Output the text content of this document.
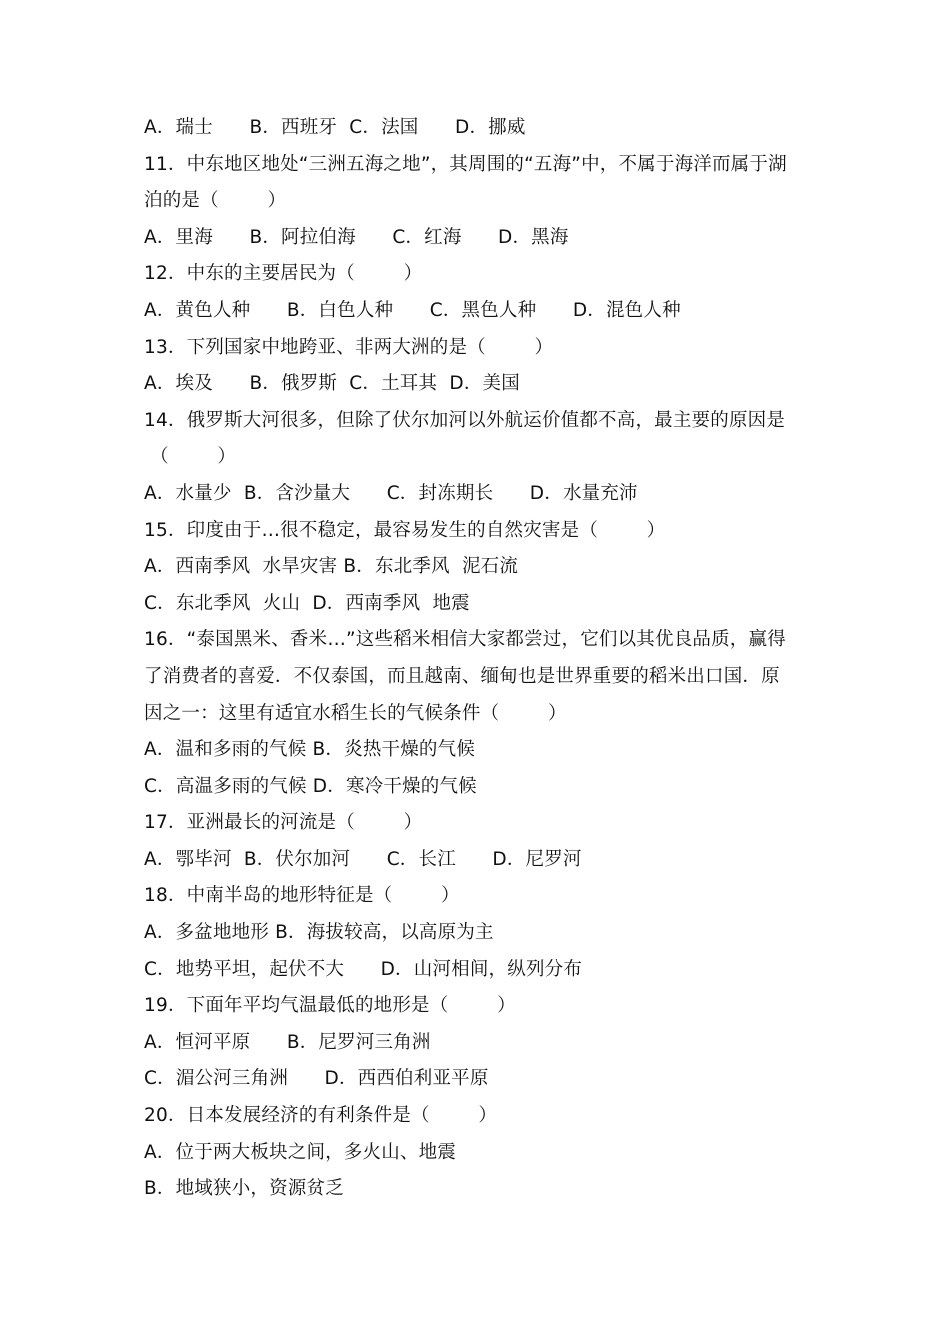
A．瑞士      B．西班牙  C．法国      D．挪威
11．中东地区地处“三洲五海之地”，其周围的“五海”中，不属于海洋而属于湖
泊的是（        ）
A．里海      B．阿拉伯海      C．红海      D．黑海
12．中东的主要居民为（        ）
A．黄色人种      B．白色人种      C．黑色人种      D．混色人种
13．下列国家中地跨亚、非两大洲的是（        ）
A．埃及      B．俄罗斯  C．土耳其  D．美国
14．俄罗斯大河很多，但除了伏尔加河以外航运价值都不高，最主要的原因是
（        ）
A．水量少  B．含沙量大      C．封冻期长      D．水量充沛
15．印度由于…很不稳定，最容易发生的自然灾害是（        ）
A．西南季风  水旱灾害 B．东北季风  泥石流
C．东北季风  火山  D．西南季风  地震
16．“泰国黑米、香米…”这些稻米相信大家都尝过，它们以其优良品质，赢得
了消费者的喜爱．不仅泰国，而且越南、缅甸也是世界重要的稻米出口国．原
因之一：这里有适宜水稻生长的气候条件（        ）
A．温和多雨的气候 B．炎热干燥的气候
C．高温多雨的气候 D．寒冷干燥的气候
17．亚洲最长的河流是（        ）
A．鄂毕河  B．伏尔加河      C．长江      D．尼罗河
18．中南半岛的地形特征是（        ）
A．多盆地地形 B．海拔较高，以高原为主
C．地势平坦，起伏不大      D．山河相间，纵列分布
19．下面年平均气温最低的地形是（        ）
A．恒河平原      B．尼罗河三角洲
C．湄公河三角洲      D．西西伯利亚平原
20．日本发展经济的有利条件是（        ）
A．位于两大板块之间，多火山、地震
B．地域狭小，资源贫乏
